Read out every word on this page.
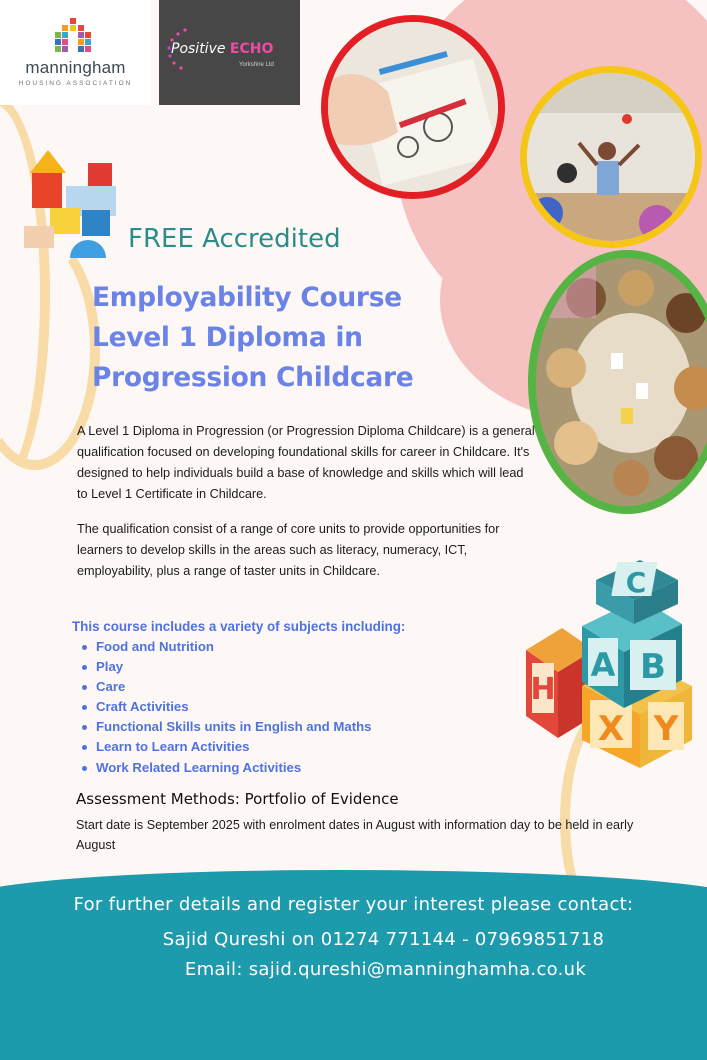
manningham
HOUSING ASSOCIATION
Positive ECHO
Yorkshire Ltd
FREE Accredited
Employability Course
Level 1 Diploma in
Progression Childcare
A Level 1 Diploma in Progression (or Progression Diploma Childcare) is a general qualification focused on developing foundational skills for career in Childcare. It's designed to help individuals build a base of knowledge and skills which will lead to Level 1 Certificate in Childcare.
The qualification consist of a range of core units to provide opportunities for learners to develop skills in the areas such as literacy, numeracy, ICT, employability, plus a range of taster units in Childcare.
This course includes a variety of subjects including:
Food and Nutrition
Play
Care
Craft Activities
Functional Skills units in English and Maths
Learn to Learn Activities
Work Related Learning Activities
H
X Y
A B
C
Assessment Methods: Portfolio of Evidence
Start date is September 2025 with enrolment dates in August with information day to be held in early August
For further details and register your interest please contact:
Sajid Qureshi on 01274 771144 - 07969851718
Email: sajid.qureshi@manninghamha.co.uk
